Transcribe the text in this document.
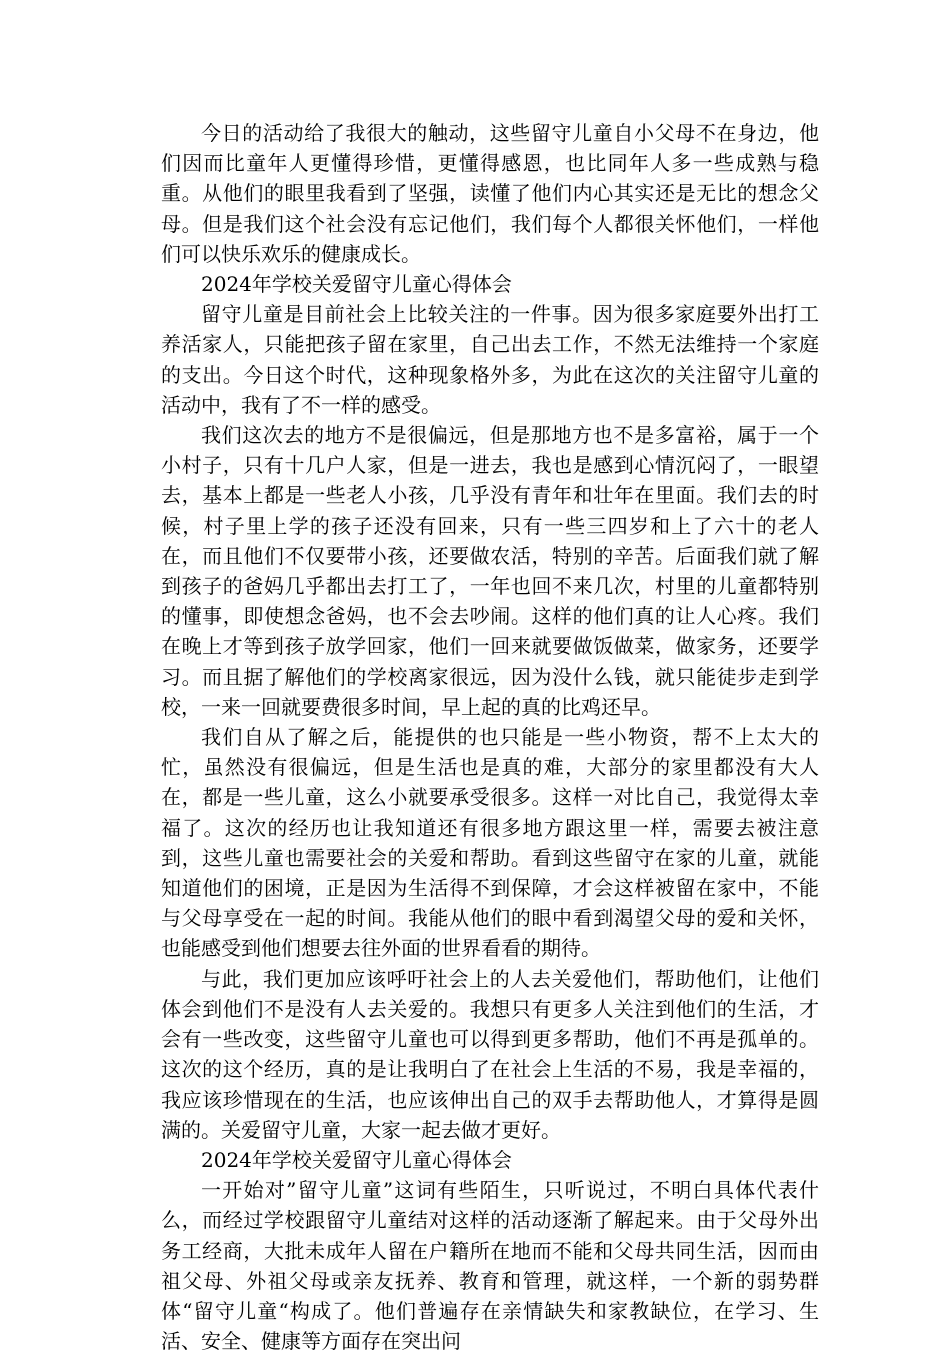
今日的活动给了我很大的触动，这些留守儿童自小父母不在身边，他们因而比童年人更懂得珍惜，更懂得感恩，也比同年人多一些成熟与稳重。从他们的眼里我看到了坚强，读懂了他们内心其实还是无比的想念父母。但是我们这个社会没有忘记他们，我们每个人都很关怀他们，一样他们可以快乐欢乐的健康成长。

2024年学校关爱留守儿童心得体会

留守儿童是目前社会上比较关注的一件事。因为很多家庭要外出打工养活家人，只能把孩子留在家里，自己出去工作，不然无法维持一个家庭的支出。今日这个时代，这种现象格外多，为此在这次的关注留守儿童的活动中，我有了不一样的感受。

我们这次去的地方不是很偏远，但是那地方也不是多富裕，属于一个小村子，只有十几户人家，但是一进去，我也是感到心情沉闷了，一眼望去，基本上都是一些老人小孩，几乎没有青年和壮年在里面。我们去的时候，村子里上学的孩子还没有回来，只有一些三四岁和上了六十的老人在，而且他们不仅要带小孩，还要做农活，特别的辛苦。后面我们就了解到孩子的爸妈几乎都出去打工了，一年也回不来几次，村里的儿童都特别的懂事，即使想念爸妈，也不会去吵闹。这样的他们真的让人心疼。我们在晚上才等到孩子放学回家，他们一回来就要做饭做菜，做家务，还要学习。而且据了解他们的学校离家很远，因为没什么钱，就只能徒步走到学校，一来一回就要费很多时间，早上起的真的比鸡还早。

我们自从了解之后，能提供的也只能是一些小物资，帮不上太大的忙，虽然没有很偏远，但是生活也是真的难，大部分的家里都没有大人在，都是一些儿童，这么小就要承受很多。这样一对比自己，我觉得太幸福了。这次的经历也让我知道还有很多地方跟这里一样，需要去被注意到，这些儿童也需要社会的关爱和帮助。看到这些留守在家的儿童，就能知道他们的困境，正是因为生活得不到保障，才会这样被留在家中，不能与父母享受在一起的时间。我能从他们的眼中看到渴望父母的爱和关怀，也能感受到他们想要去往外面的世界看看的期待。

与此，我们更加应该呼吁社会上的人去关爱他们，帮助他们，让他们体会到他们不是没有人去关爱的。我想只有更多人关注到他们的生活，才会有一些改变，这些留守儿童也可以得到更多帮助，他们不再是孤单的。这次的这个经历，真的是让我明白了在社会上生活的不易，我是幸福的，我应该珍惜现在的生活，也应该伸出自己的双手去帮助他人，才算得是圆满的。关爱留守儿童，大家一起去做才更好。

2024年学校关爱留守儿童心得体会

一开始对”留守儿童”这词有些陌生，只听说过，不明白具体代表什么，而经过学校跟留守儿童结对这样的活动逐渐了解起来。由于父母外出务工经商，大批未成年人留在户籍所在地而不能和父母共同生活，因而由祖父母、外祖父母或亲友抚养、教育和管理，就这样，一个新的弱势群体“留守儿童“构成了。他们普遍存在亲情缺失和家教缺位，在学习、生活、安全、健康等方面存在突出问
